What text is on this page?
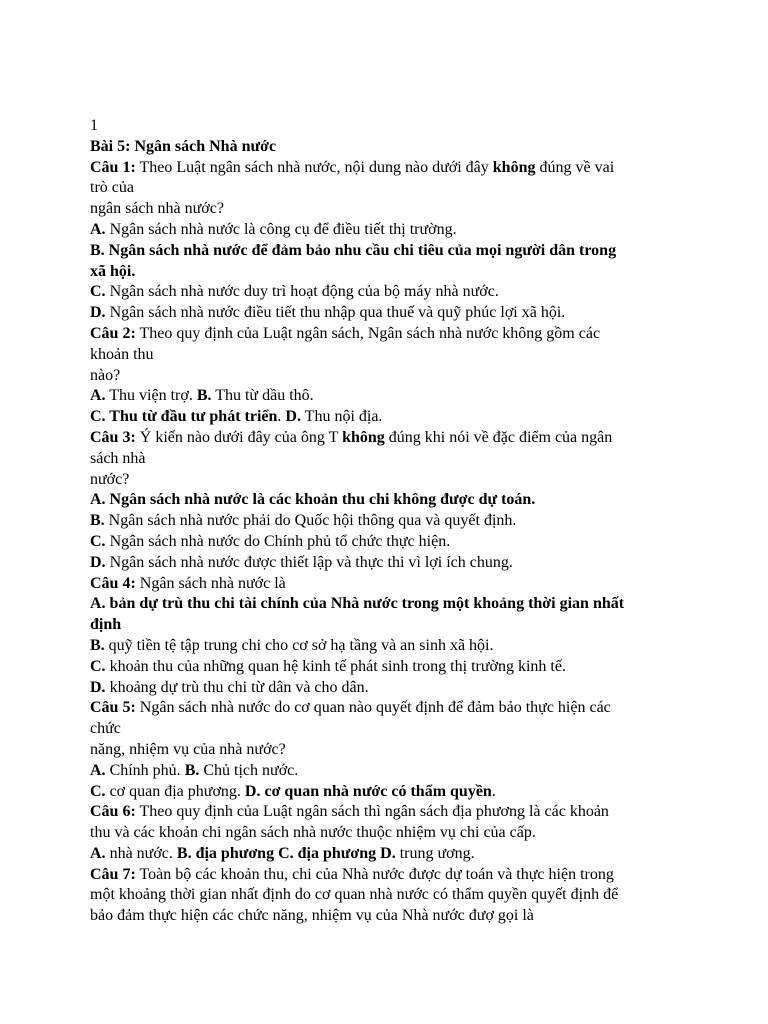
1
Bài 5: Ngân sách Nhà nước
Câu 1: Theo Luật ngân sách nhà nước, nội dung nào dưới đây không đúng về vai
trò của
ngân sách nhà nước?
A. Ngân sách nhà nước là công cụ để điều tiết thị trường.
B. Ngân sách nhà nước để đảm bảo nhu cầu chi tiêu của mọi người dân trong
xã hội.
C. Ngân sách nhà nước duy trì hoạt động của bộ máy nhà nước.
D. Ngân sách nhà nước điều tiết thu nhập qua thuế và quỹ phúc lợi xã hội.
Câu 2: Theo quy định của Luật ngân sách, Ngân sách nhà nước không gồm các
khoản thu
nào?
A. Thu viện trợ. B. Thu từ dầu thô.
C. Thu từ đầu tư phát triển. D. Thu nội địa.
Câu 3: Ý kiến nào dưới đây của ông T không đúng khi nói về đặc điểm của ngân
sách nhà
nước?
A. Ngân sách nhà nước là các khoản thu chi không được dự toán.
B. Ngân sách nhà nước phải do Quốc hội thông qua và quyết định.
C. Ngân sách nhà nước do Chính phủ tổ chức thực hiện.
D. Ngân sách nhà nước được thiết lập và thực thi vì lợi ích chung.
Câu 4: Ngân sách nhà nước là
A. bản dự trù thu chi tài chính của Nhà nước trong một khoảng thời gian nhất
định
B. quỹ tiền tệ tập trung chi cho cơ sở hạ tầng và an sinh xã hội.
C. khoản thu của những quan hệ kinh tế phát sinh trong thị trường kinh tế.
D. khoảng dự trù thu chi từ dân và cho dân.
Câu 5: Ngân sách nhà nước do cơ quan nào quyết định để đảm bảo thực hiện các
chức
năng, nhiệm vụ của nhà nước?
A. Chính phủ. B. Chủ tịch nước.
C. cơ quan địa phương. D. cơ quan nhà nước có thẩm quyền.
Câu 6: Theo quy định của Luật ngân sách thì ngân sách địa phương là các khoản
thu và các khoản chi ngân sách nhà nước thuộc nhiệm vụ chi của cấp.
A. nhà nước. B. địa phương C. địa phương D. trung ương.
Câu 7: Toàn bộ các khoản thu, chi của Nhà nước được dự toán và thực hiện trong
một khoảng thời gian nhất định do cơ quan nhà nước có thẩm quyền quyết định để
bảo đảm thực hiện các chức năng, nhiệm vụ của Nhà nước đượ gọi là
